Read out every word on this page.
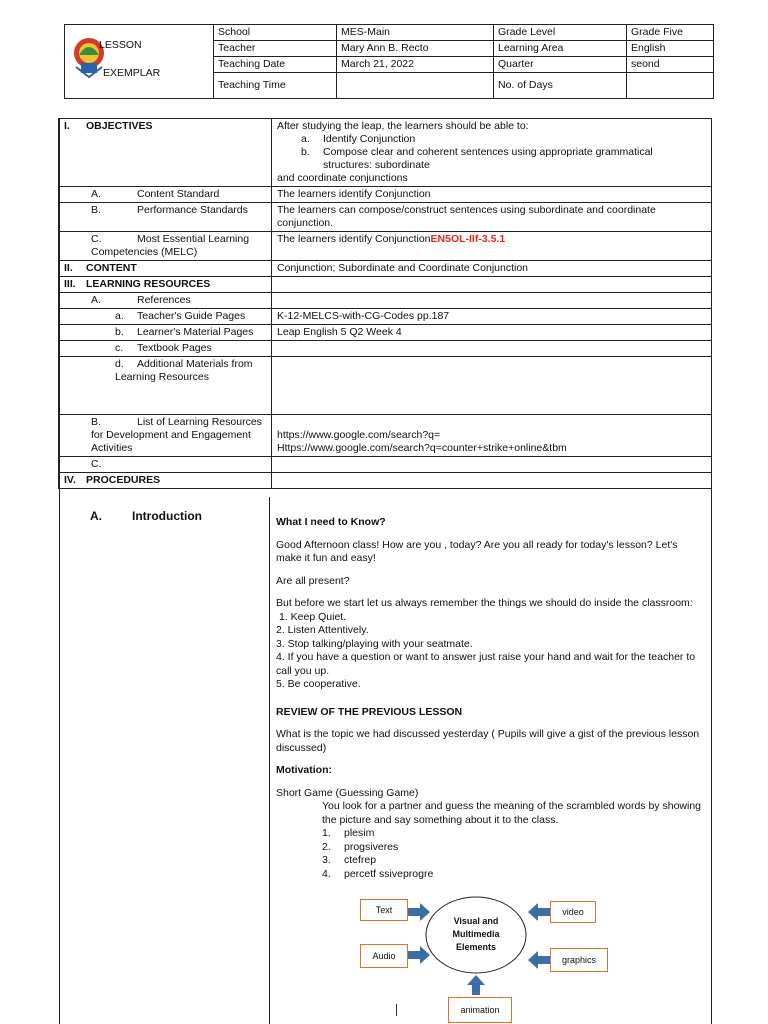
LESSON
EXEMPLAR	School	MES-Main	Grade Level	Grade Five
	Teacher	Mary Ann B. Recto	Learning Area	English
	Teaching Date	March 21, 2022	Quarter	seond
	Teaching Time		No. of Days	
I. OBJECTIVES	After studying the leap, the learners should be able to:
a. Identify Conjunction
b. Compose clear and coherent sentences using appropriate grammatical structures: subordinate
and coordinate conjunctions

A. Content Standard	The learners identify Conjunction
B. Performance Standards	The learners can compose/construct sentences using subordinate and coordinate conjunction.
C. Most Essential Learning Competencies (MELC)	The learners identify ConjunctionEN5OL-IIf-3.5.1
II. CONTENT	Conjunction; Subordinate and Coordinate Conjunction
III. LEARNING RESOURCES	
A. References	
a. Teacher's Guide Pages	K-12-MELCS-with-CG-Codes pp.187
b. Learner's Material Pages	Leap English 5 Q2 Week 4
c. Textbook Pages	
d. Additional Materials from Learning Resources	
B. List of Learning Resources for Development and Engagement Activities	https://www.google.com/search?q=
Https://www.google.com/search?q=counter+strike+online&tbm

C.	
IV. PROCEDURES	
A.	Introduction	What I need to Know?

Good Afternoon class! How are you , today? Are you all ready for today's lesson? Let's make it fun and easy!

Are all present?

But before we start let us always remember the things we should do inside the classroom:
1. Keep Quiet.
2. Listen Attentively.
3. Stop talking/playing with your seatmate.
4. If you have a question or want to answer just raise your hand and wait for the teacher to call you up.
5. Be cooperative.

REVIEW OF THE PREVIOUS LESSON

What is the topic we had discussed yesterday ( Pupils will give a gist of the previous lesson discussed)

Motivation:

Short Game (Guessing Game)
You look for a partner and guess the meaning of the scrambled words by showing the picture and say something about it to the class.
1. plesim
2. progsiveres
3. ctefrep
4. percetf ssiveprogre
Visual and
Multimedia
Elements
Text	video
Audio	graphics
animation
